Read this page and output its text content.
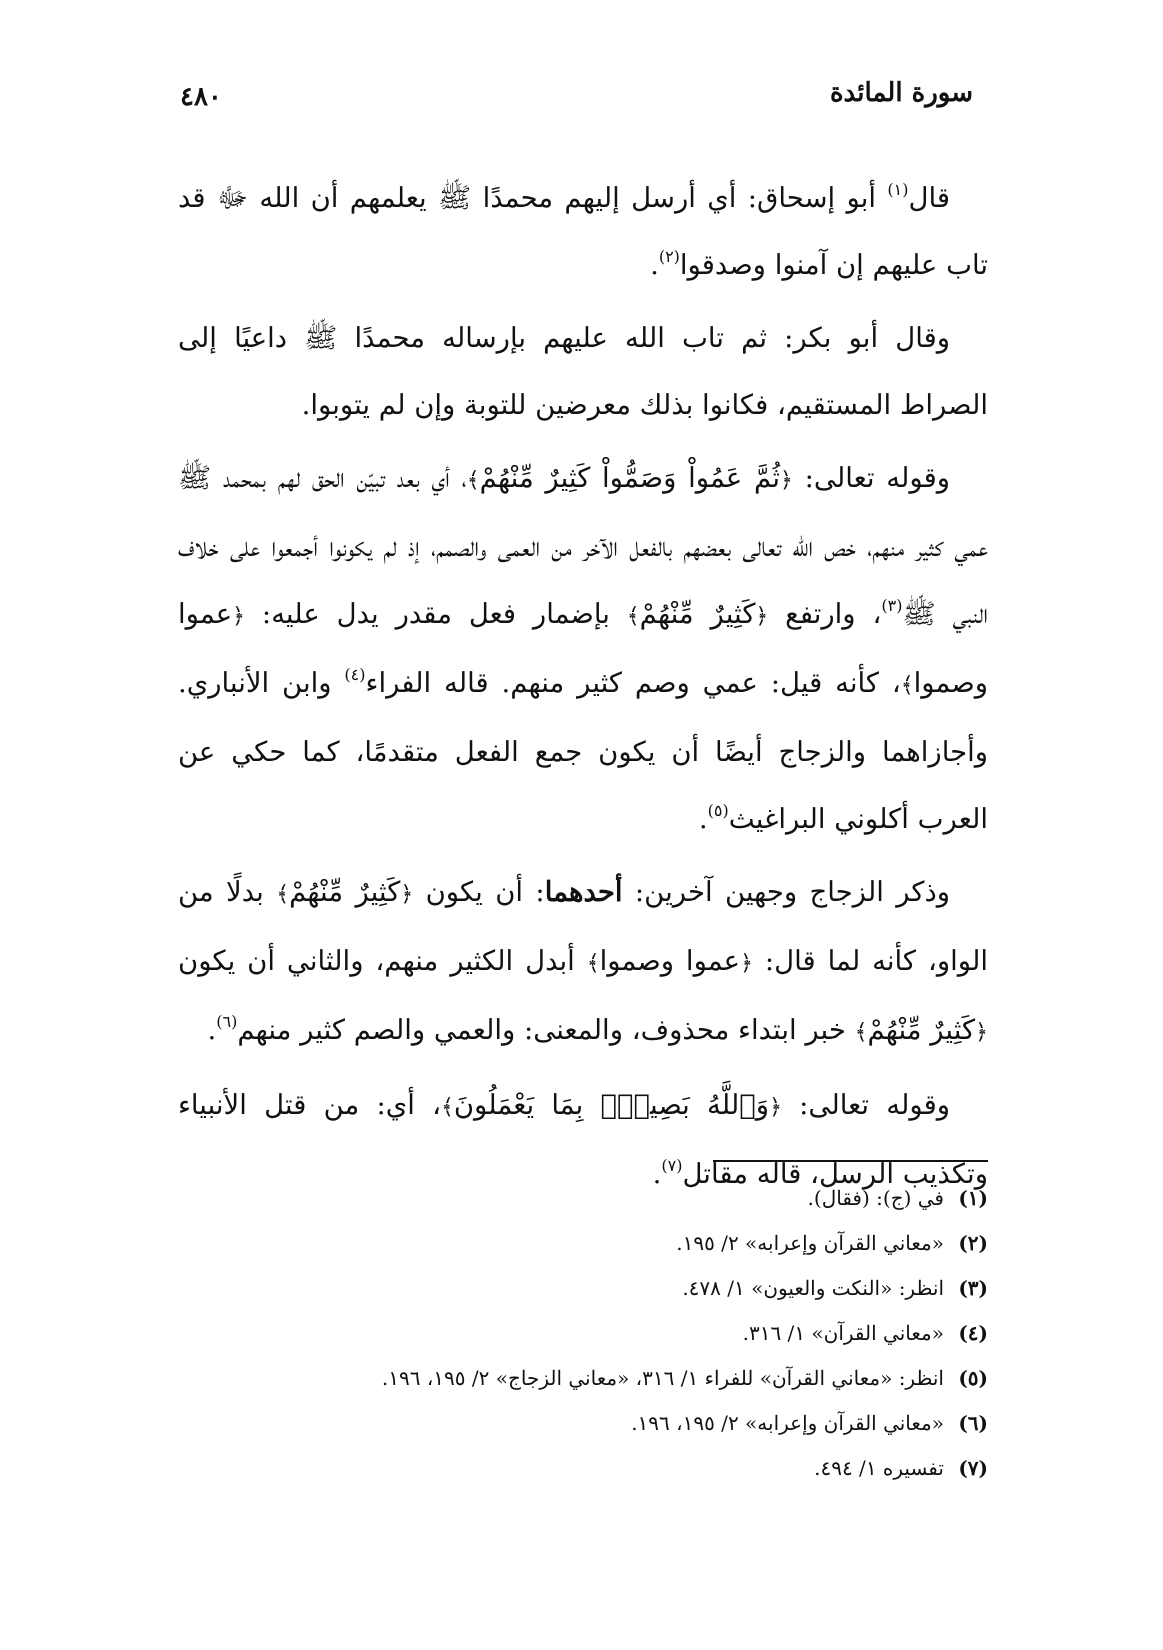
سورة المائدة
٤٨٠

قال$^{(١)}$ أبو إسحاق: أي أرسل إليهم محمدًا ﷺ يعلمهم أن الله ﷻ قد تاب عليهم إن آمنوا وصدقوا$^{(٢)}$.

وقال أبو بكر: ثم تاب الله عليهم بإرساله محمدًا ﷺ داعيًا إلى الصراط المستقيم، فكانوا بذلك معرضين للتوبة وإن لم يتوبوا.

وقوله تعالى: ﴿ثُمَّ عَمُواْ وَصَمُّواْ كَثِيرٌ مِّنْهُمْ﴾، أي بعد تبيّن الحق لهم بمحمد ﷺ عمي كثير منهم، خص الله تعالى بعضهم بالفعل الآخر من العمى والصمم، إذ لم يكونوا أجمعوا على خلاف النبي ﷺ$^{(٣)}$، وارتفع ﴿كَثِيرٌ مِّنْهُمْ﴾ بإضمار فعل مقدر يدل عليه: ﴿عموا وصموا﴾، كأنه قيل: عمي وصم كثير منهم. قاله الفراء$^{(٤)}$ وابن الأنباري. وأجازاهما والزجاج أيضًا أن يكون جمع الفعل متقدمًا، كما حكي عن العرب أكلوني البراغيث$^{(٥)}$.

وذكر الزجاج وجهين آخرين: أحدهما: أن يكون ﴿كَثِيرٌ مِّنْهُمْ﴾ بدلًا من الواو، كأنه لما قال: ﴿عموا وصموا﴾ أبدل الكثير منهم، والثاني أن يكون ﴿كَثِيرٌ مِّنْهُمْ﴾ خبر ابتداء محذوف، والمعنى: والعمي والصم كثير منهم$^{(٦)}$.

وقوله تعالى: ﴿وَٱللَّهُ بَصِيرٌۢ بِمَا يَعْمَلُونَ﴾، أي: من قتل الأنبياء وتكذيب الرسل، قاله مقاتل$^{(٧)}$.

(١)في (ج): (فقال).
(٢)«معاني القرآن وإعرابه» ٢/ ١٩٥.
(٣)انظر: «النكت والعيون» ١/ ٤٧٨.
(٤)«معاني القرآن» ١/ ٣١٦.
(٥)انظر: «معاني القرآن» للفراء ١/ ٣١٦، «معاني الزجاج» ٢/ ١٩٥، ١٩٦.
(٦)«معاني القرآن وإعرابه» ٢/ ١٩٥، ١٩٦.
(٧)تفسيره ١/ ٤٩٤.
